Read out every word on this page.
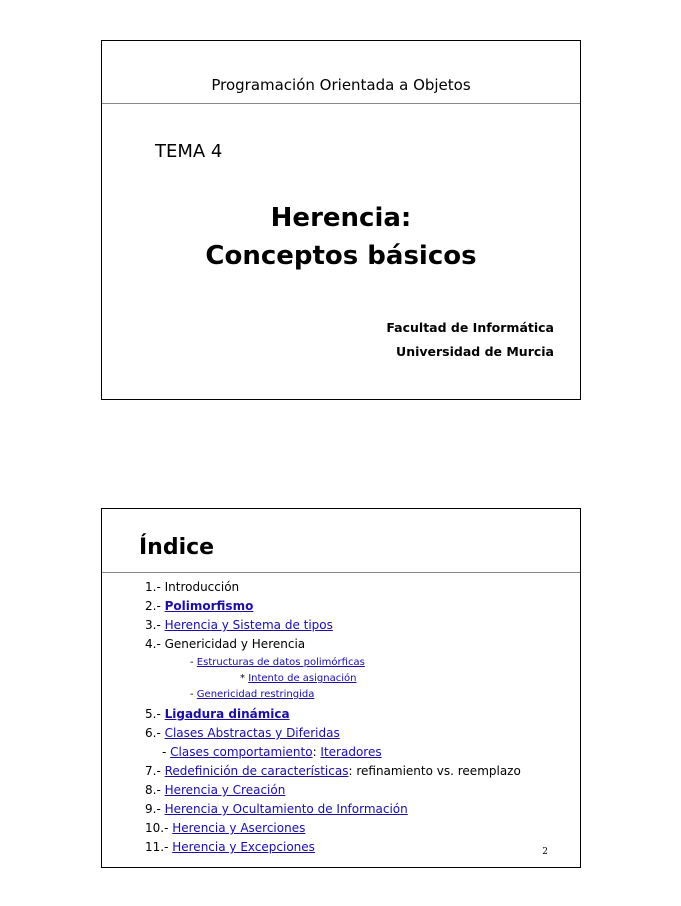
Programación Orientada a Objetos
TEMA 4
Herencia:
Conceptos básicos
Facultad de Informática
Universidad de Murcia
Índice
1.- Introducción
2.- Polimorfismo
3.- Herencia y Sistema de tipos
4.- Genericidad y Herencia
- Estructuras de datos polimórficas
* Intento de asignación
- Genericidad restringida
5.- Ligadura dinámica
6.- Clases Abstractas y Diferidas
- Clases comportamiento: Iteradores
7.- Redefinición de características: refinamiento vs. reemplazo
8.- Herencia y Creación
9.- Herencia y Ocultamiento de Información
10.- Herencia y Aserciones
11.- Herencia y Excepciones	2
